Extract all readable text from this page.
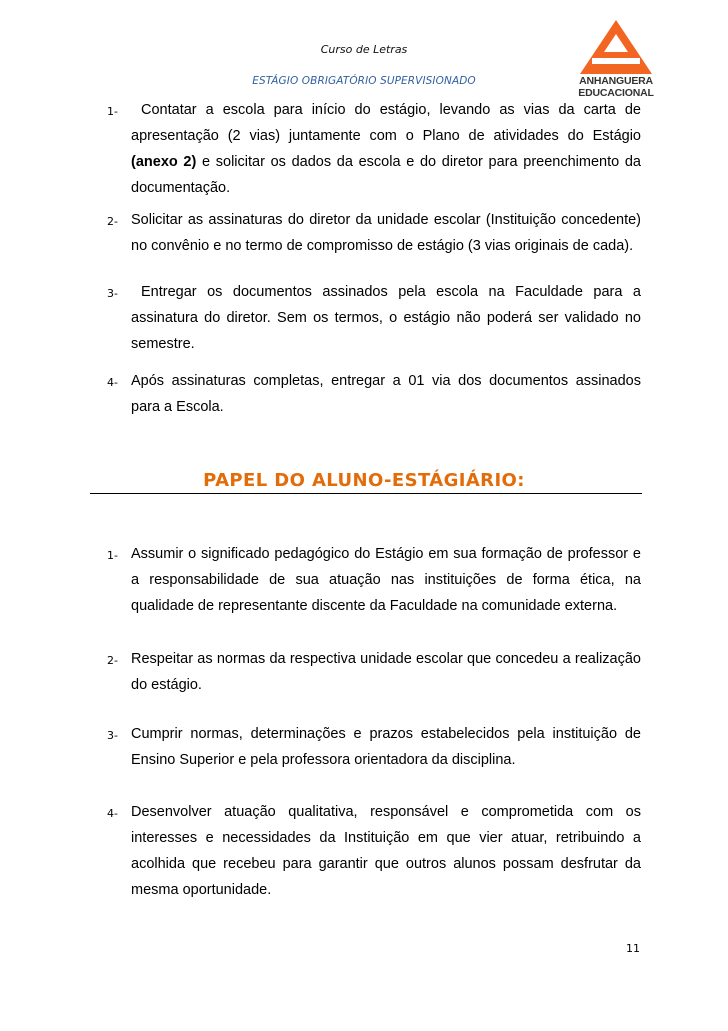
Curso de Letras
ESTÁGIO OBRIGATÓRIO SUPERVISIONADO	ANHANGUERA
EDUCACIONAL
1-	Contatar a escola para início do estágio, levando as vias da carta de apresentação (2 vias) juntamente com o Plano de atividades do Estágio (anexo 2) e solicitar os dados da escola e do diretor para preenchimento da documentação.
2- Solicitar as assinaturas do diretor da unidade escolar (Instituição concedente) no convênio e no termo de compromisso de estágio (3 vias originais de cada).
3-	Entregar os documentos assinados pela escola na Faculdade para a assinatura do diretor. Sem os termos, o estágio não poderá ser validado no semestre.
4- Após assinaturas completas, entregar a 01 via dos documentos assinados para a Escola.
PAPEL DO ALUNO-ESTÁGIÁRIO:
1- Assumir o significado pedagógico do Estágio em sua formação de professor e a responsabilidade de sua atuação nas instituições de forma ética, na qualidade de representante discente da Faculdade na comunidade externa.
2- Respeitar as normas da respectiva unidade escolar que concedeu a realização do estágio.
3- Cumprir normas, determinações e prazos estabelecidos pela instituição de Ensino Superior e pela professora orientadora da disciplina.
4- Desenvolver atuação qualitativa, responsável e comprometida com os interesses e necessidades da Instituição em que vier atuar, retribuindo a acolhida que recebeu para garantir que outros alunos possam desfrutar da mesma oportunidade.
11
